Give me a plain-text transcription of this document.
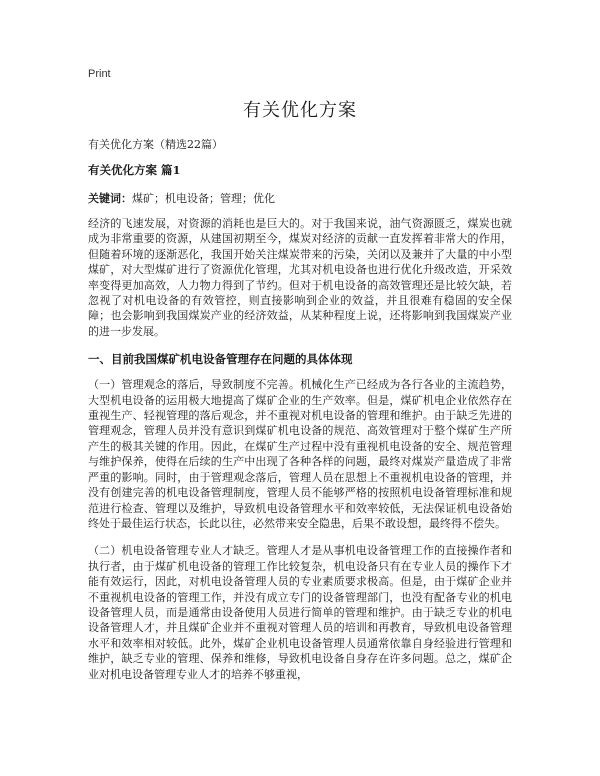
Print
有关优化方案
有关优化方案（精选22篇）
有关优化方案 篇1
关键词：煤矿；机电设备；管理；优化

经济的飞速发展，对资源的消耗也是巨大的。对于我国来说，油气资源匮乏，煤炭也就成为非常重要的资源，从建国初期至今，煤炭对经济的贡献一直发挥着非常大的作用，但随着环境的逐渐恶化，我国开始关注煤炭带来的污染，关闭以及兼并了大量的中小型煤矿，对大型煤矿进行了资源优化管理，尤其对机电设备也进行优化升级改造，开采效率变得更加高效，人力物力得到了节约。但对于机电设备的高效管理还是比较欠缺，若忽视了对机电设备的有效管控，则直接影响到企业的效益，并且很难有稳固的安全保障；也会影响到我国煤炭产业的经济效益，从某种程度上说，还将影响到我国煤炭产业的进一步发展。

一、目前我国煤矿机电设备管理存在问题的具体体现

（一）管理观念的落后，导致制度不完善。机械化生产已经成为各行各业的主流趋势，大型机电设备的运用极大地提高了煤矿企业的生产效率。但是，煤矿机电企业依然存在重视生产、轻视管理的落后观念，并不重视对机电设备的管理和维护。由于缺乏先进的管理观念，管理人员并没有意识到煤矿机电设备的规范、高效管理对于整个煤矿生产所产生的极其关键的作用。因此，在煤矿生产过程中没有重视机电设备的安全、规范管理与维护保养，使得在后续的生产中出现了各种各样的问题，最终对煤炭产量造成了非常严重的影响。同时，由于管理观念落后，管理人员在思想上不重视机电设备的管理，并没有创建完善的机电设备管理制度，管理人员不能够严格的按照机电设备管理标准和规范进行检查、管理以及维护，导致机电设备管理水平和效率较低，无法保证机电设备始终处于最佳运行状态，长此以往，必然带来安全隐患，后果不敢设想，最终得不偿失。

（二）机电设备管理专业人才缺乏。管理人才是从事机电设备管理工作的直接操作者和执行者，由于煤矿机电设备的管理工作比较复杂，机电设备只有在专业人员的操作下才能有效运行，因此，对机电设备管理人员的专业素质要求极高。但是，由于煤矿企业并不重视机电设备的管理工作，并没有成立专门的设备管理部门，也没有配备专业的机电设备管理人员，而是通常由设备使用人员进行简单的管理和维护。由于缺乏专业的机电设备管理人才，并且煤矿企业并不重视对管理人员的培训和再教育，导致机电设备管理水平和效率相对较低。此外，煤矿企业机电设备管理人员通常依靠自身经验进行管理和维护，缺乏专业的管理、保养和维修，导致机电设备自身存在许多问题。总之，煤矿企业对机电设备管理专业人才的培养不够重视，
